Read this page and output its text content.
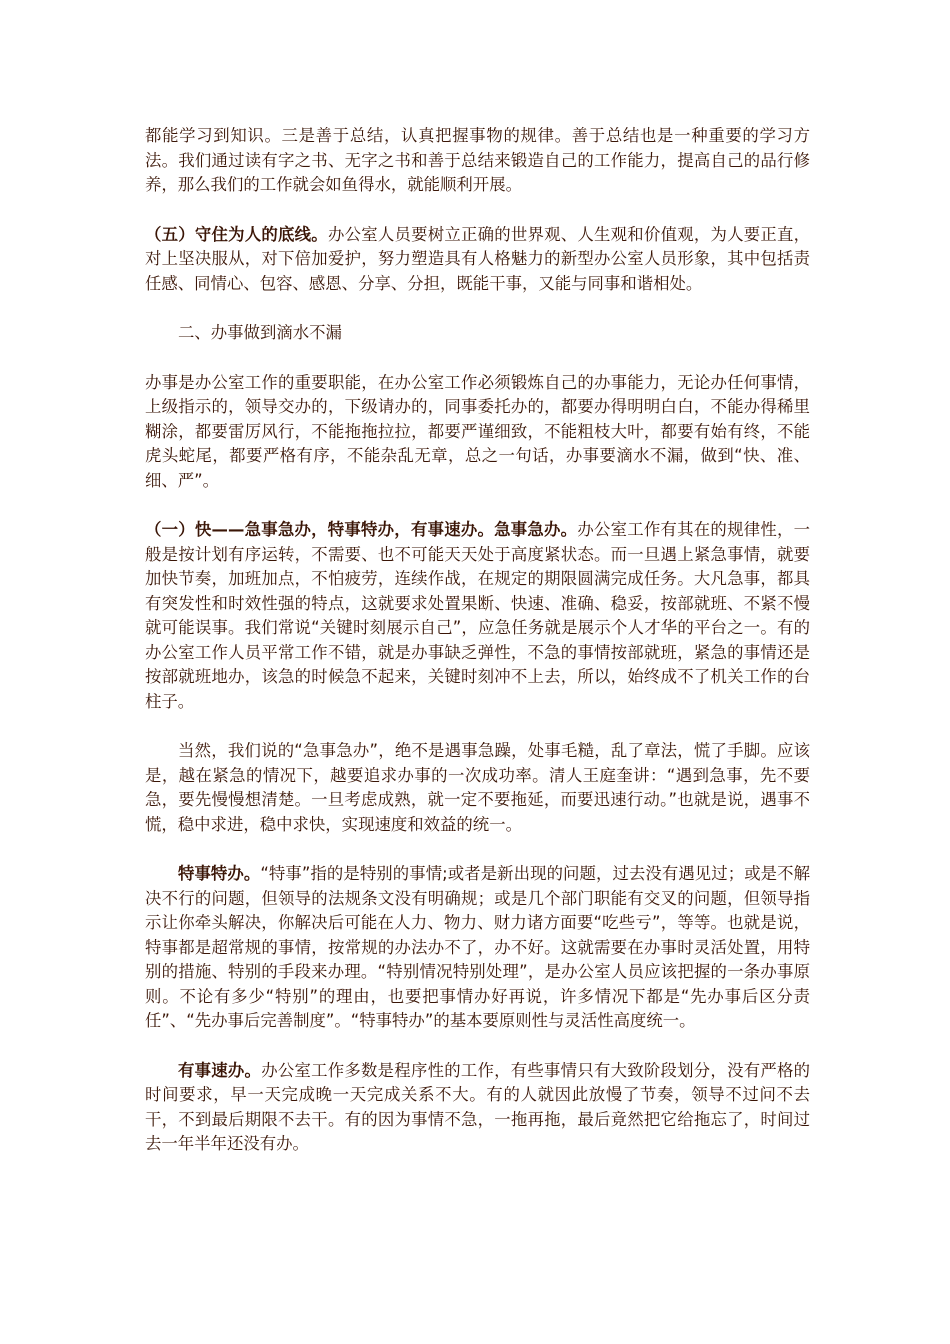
都能学习到知识。三是善于总结，认真把握事物的规律。善于总结也是一种重要的学习方法。我们通过读有字之书、无字之书和善于总结来锻造自己的工作能力，提高自己的品行修养，那么我们的工作就会如鱼得水，就能顺利开展。

（五）守住为人的底线。办公室人员要树立正确的世界观、人生观和价值观，为人要正直，对上坚决服从，对下倍加爱护，努力塑造具有人格魅力的新型办公室人员形象，其中包括责任感、同情心、包容、感恩、分享、分担，既能干事，又能与同事和谐相处。

二、办事做到滴水不漏

办事是办公室工作的重要职能，在办公室工作必须锻炼自己的办事能力，无论办任何事情，上级指示的，领导交办的，下级请办的，同事委托办的，都要办得明明白白，不能办得稀里糊涂，都要雷厉风行，不能拖拖拉拉，都要严谨细致，不能粗枝大叶，都要有始有终，不能虎头蛇尾，都要严格有序，不能杂乱无章，总之一句话，办事要滴水不漏，做到“快、准、细、严”。

（一）快——急事急办，特事特办，有事速办。急事急办。办公室工作有其在的规律性，一般是按计划有序运转，不需要、也不可能天天处于高度紧状态。而一旦遇上紧急事情，就要加快节奏，加班加点，不怕疲劳，连续作战，在规定的期限圆满完成任务。大凡急事，都具有突发性和时效性强的特点，这就要求处置果断、快速、准确、稳妥，按部就班、不紧不慢就可能误事。我们常说“关键时刻展示自己”，应急任务就是展示个人才华的平台之一。有的办公室工作人员平常工作不错，就是办事缺乏弹性，不急的事情按部就班，紧急的事情还是按部就班地办，该急的时候急不起来，关键时刻冲不上去，所以，始终成不了机关工作的台柱子。

当然，我们说的“急事急办”，绝不是遇事急躁，处事毛糙，乱了章法，慌了手脚。应该是，越在紧急的情况下，越要追求办事的一次成功率。清人王庭奎讲：“遇到急事，先不要急，要先慢慢想清楚。一旦考虑成熟，就一定不要拖延，而要迅速行动。”也就是说，遇事不慌，稳中求进，稳中求快，实现速度和效益的统一。

特事特办。“特事”指的是特别的事情;或者是新出现的问题，过去没有遇见过；或是不解决不行的问题，但领导的法规条文没有明确规；或是几个部门职能有交叉的问题，但领导指示让你牵头解决，你解决后可能在人力、物力、财力诸方面要“吃些亏”，等等。也就是说，特事都是超常规的事情，按常规的办法办不了，办不好。这就需要在办事时灵活处置，用特别的措施、特别的手段来办理。“特别情况特别处理”，是办公室人员应该把握的一条办事原则。不论有多少“特别”的理由，也要把事情办好再说，许多情况下都是“先办事后区分责任”、“先办事后完善制度”。“特事特办”的基本要原则性与灵活性高度统一。

有事速办。办公室工作多数是程序性的工作，有些事情只有大致阶段划分，没有严格的时间要求，早一天完成晚一天完成关系不大。有的人就因此放慢了节奏，领导不过问不去干，不到最后期限不去干。有的因为事情不急，一拖再拖，最后竟然把它给拖忘了，时间过去一年半年还没有办。
